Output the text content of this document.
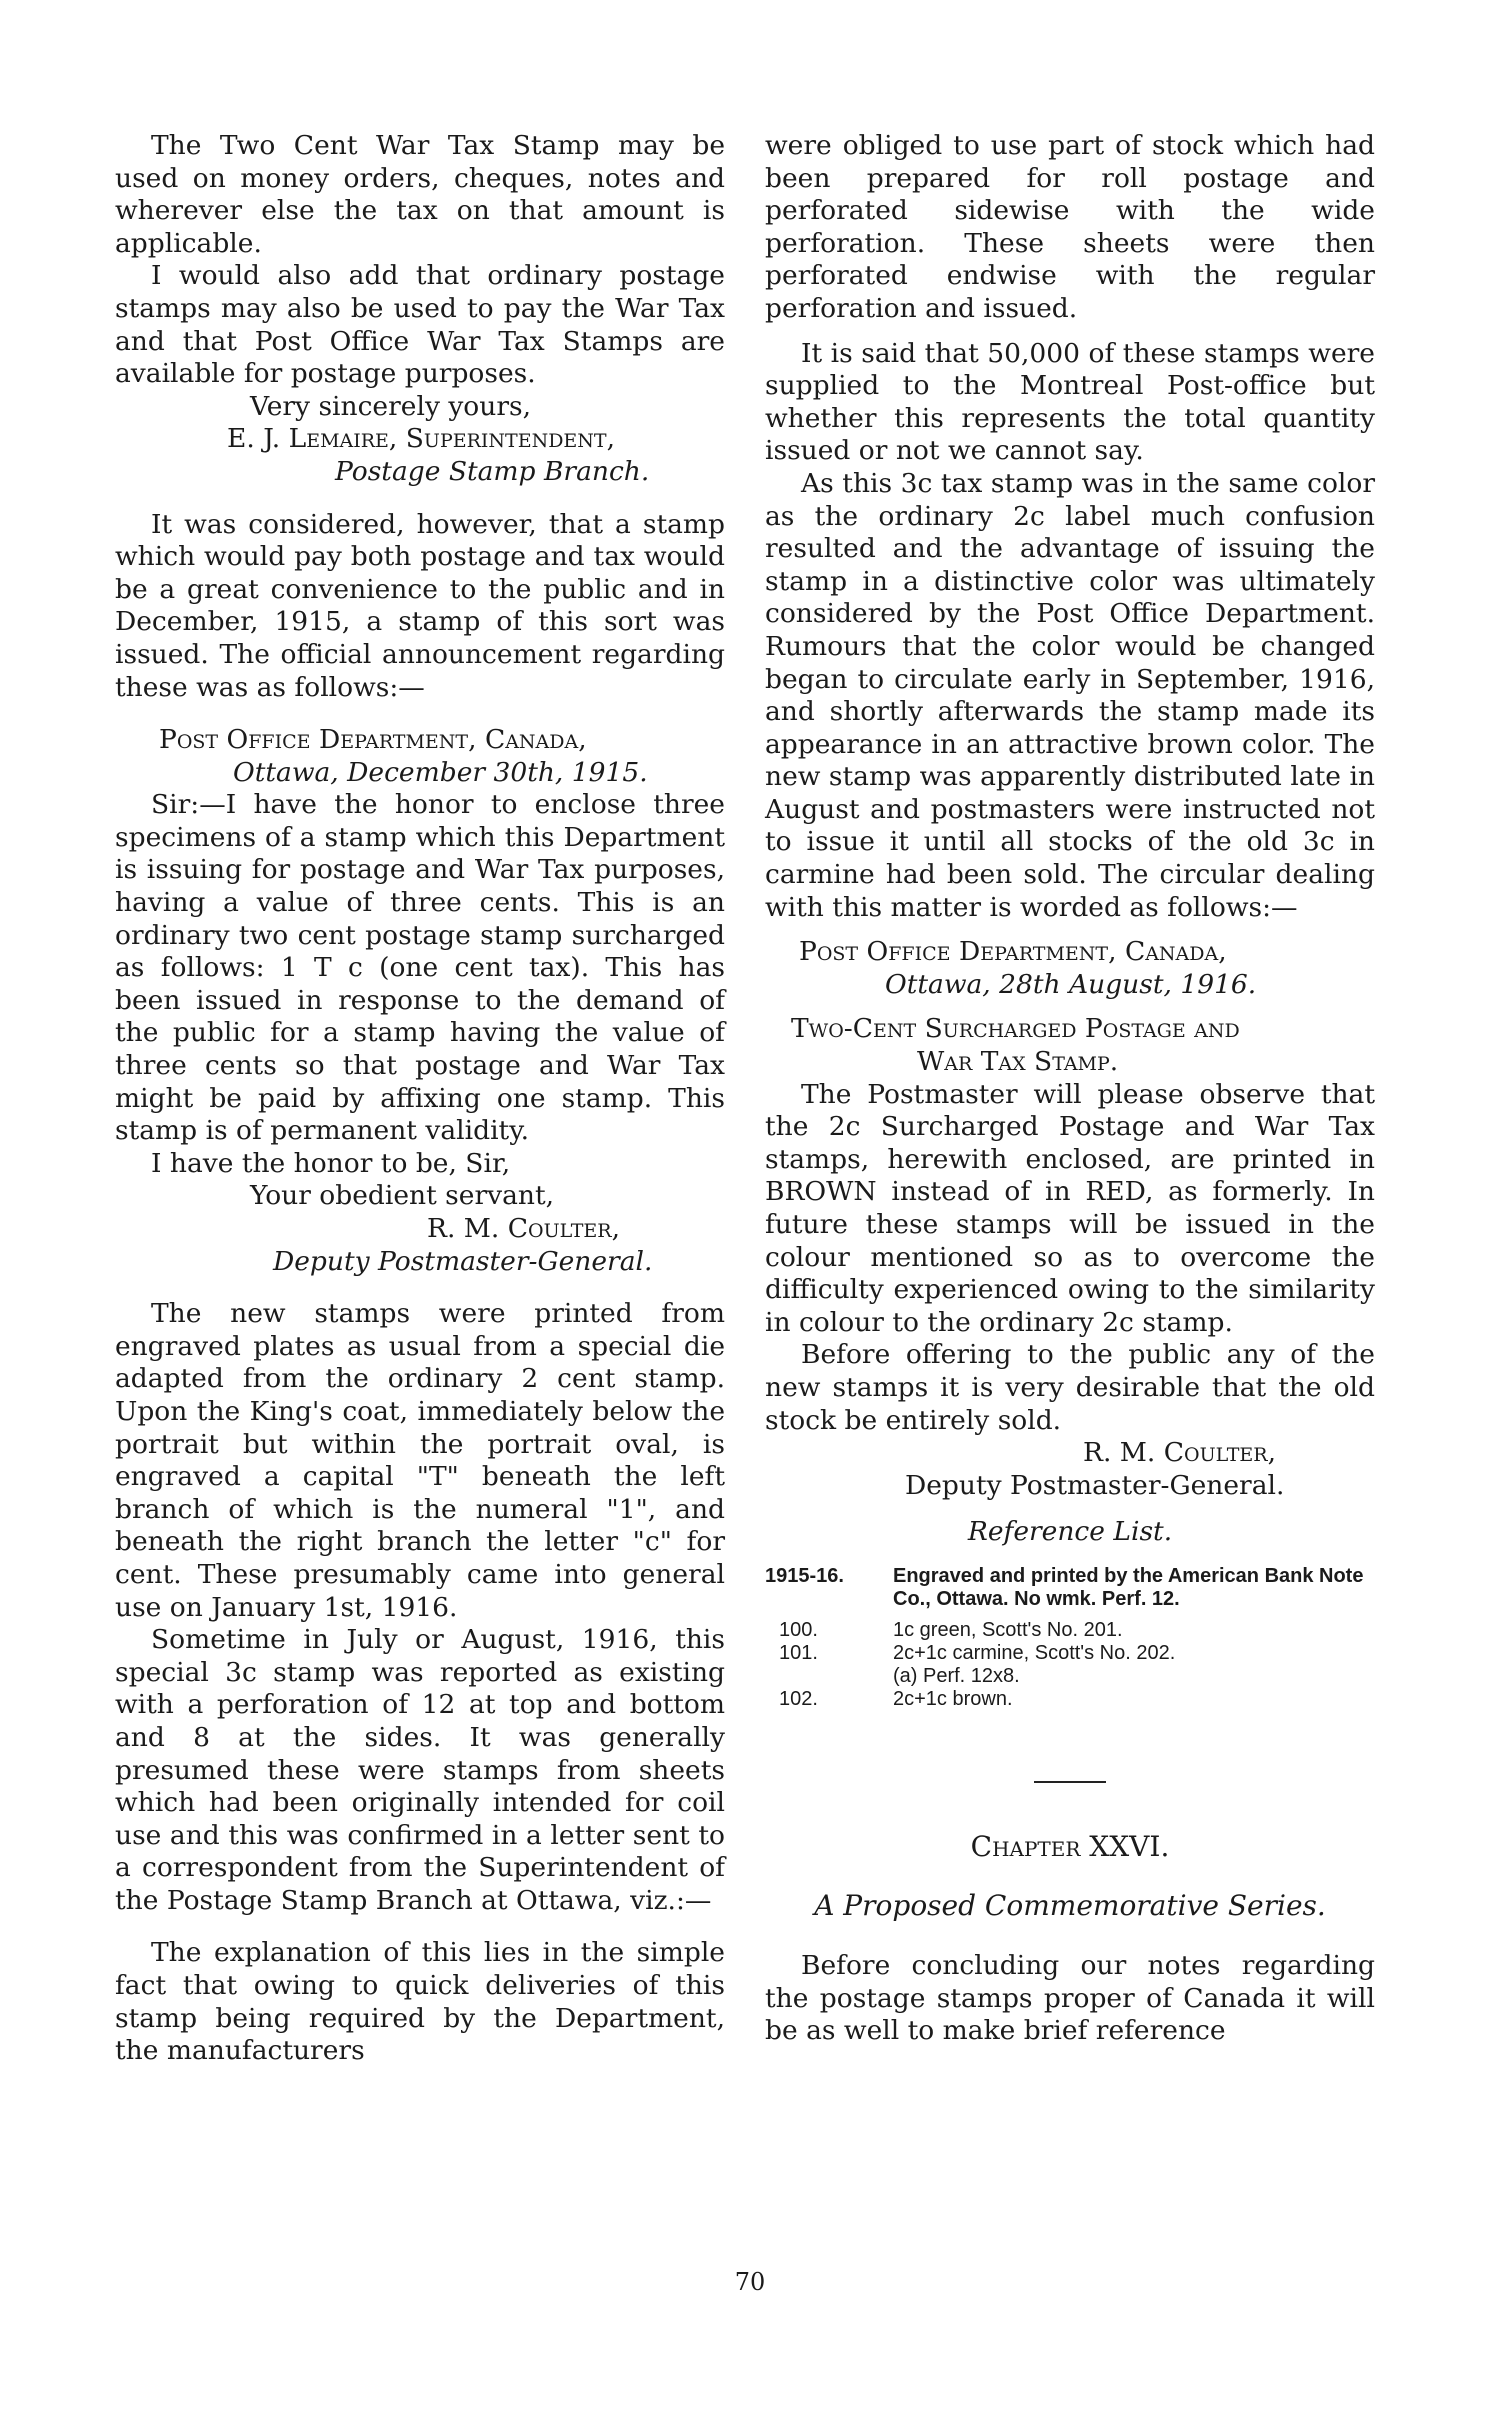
The Two Cent War Tax Stamp may be used on money orders, cheques, notes and wherever else the tax on that amount is applicable.

I would also add that ordinary postage stamps may also be used to pay the War Tax and that Post Office War Tax Stamps are available for postage purposes.

Very sincerely yours,

E. J. Lemaire, Superintendent,

Postage Stamp Branch.

It was considered, however, that a stamp which would pay both postage and tax would be a great convenience to the public and in December, 1915, a stamp of this sort was issued. The official announcement regarding these was as follows:—

Post Office Department, Canada,

Ottawa, December 30th, 1915.

Sir:—I have the honor to enclose three specimens of a stamp which this Department is issuing for postage and War Tax purposes, having a value of three cents. This is an ordinary two cent postage stamp surcharged as follows: 1 T c (one cent tax). This has been issued in response to the demand of the public for a stamp having the value of three cents so that postage and War Tax might be paid by affixing one stamp. This stamp is of permanent validity.

I have the honor to be, Sir,

Your obedient servant,

R. M. Coulter,

Deputy Postmaster-General.

The new stamps were printed from engraved plates as usual from a special die adapted from the ordinary 2 cent stamp. Upon the King's coat, immediately below the portrait but within the portrait oval, is engraved a capital "T" beneath the left branch of which is the numeral "1", and beneath the right branch the letter "c" for cent. These presumably came into general use on January 1st, 1916.

Sometime in July or August, 1916, this special 3c stamp was reported as existing with a perforation of 12 at top and bottom and 8 at the sides. It was generally presumed these were stamps from sheets which had been originally intended for coil use and this was confirmed in a letter sent to a correspondent from the Superintendent of the Postage Stamp Branch at Ottawa, viz.:—

The explanation of this lies in the simple fact that owing to quick deliveries of this stamp being required by the Department, the manufacturers

were obliged to use part of stock which had been prepared for roll postage and perforated sidewise with the wide perforation. These sheets were then perforated endwise with the regular perforation and issued.

It is said that 50,000 of these stamps were supplied to the Montreal Post-office but whether this represents the total quantity issued or not we cannot say.

As this 3c tax stamp was in the same color as the ordinary 2c label much confusion resulted and the advantage of issuing the stamp in a distinctive color was ultimately considered by the Post Office Department. Rumours that the color would be changed began to circulate early in September, 1916, and shortly afterwards the stamp made its appearance in an attractive brown color. The new stamp was apparently distributed late in August and postmasters were instructed not to issue it until all stocks of the old 3c in carmine had been sold. The circular dealing with this matter is worded as follows:—

Post Office Department, Canada,

Ottawa, 28th August, 1916.

Two-Cent Surcharged Postage and

War Tax Stamp.

The Postmaster will please observe that the 2c Surcharged Postage and War Tax stamps, herewith enclosed, are printed in BROWN instead of in RED, as formerly. In future these stamps will be issued in the colour mentioned so as to overcome the difficulty experienced owing to the similarity in colour to the ordinary 2c stamp.

Before offering to the public any of the new stamps it is very desirable that the old stock be entirely sold.

R. M. Coulter,

Deputy Postmaster-General.

Reference List.

1915-16.	Engraved and printed by the American Bank Note Co., Ottawa. No wmk. Perf. 12.
100.	1c green, Scott's No. 201.
101.	2c+1c carmine, Scott's No. 202.
(a) Perf. 12x8.
102.	2c+1c brown.

Chapter XXVI.

A Proposed Commemorative Series.

Before concluding our notes regarding the postage stamps proper of Canada it will be as well to make brief reference

70
